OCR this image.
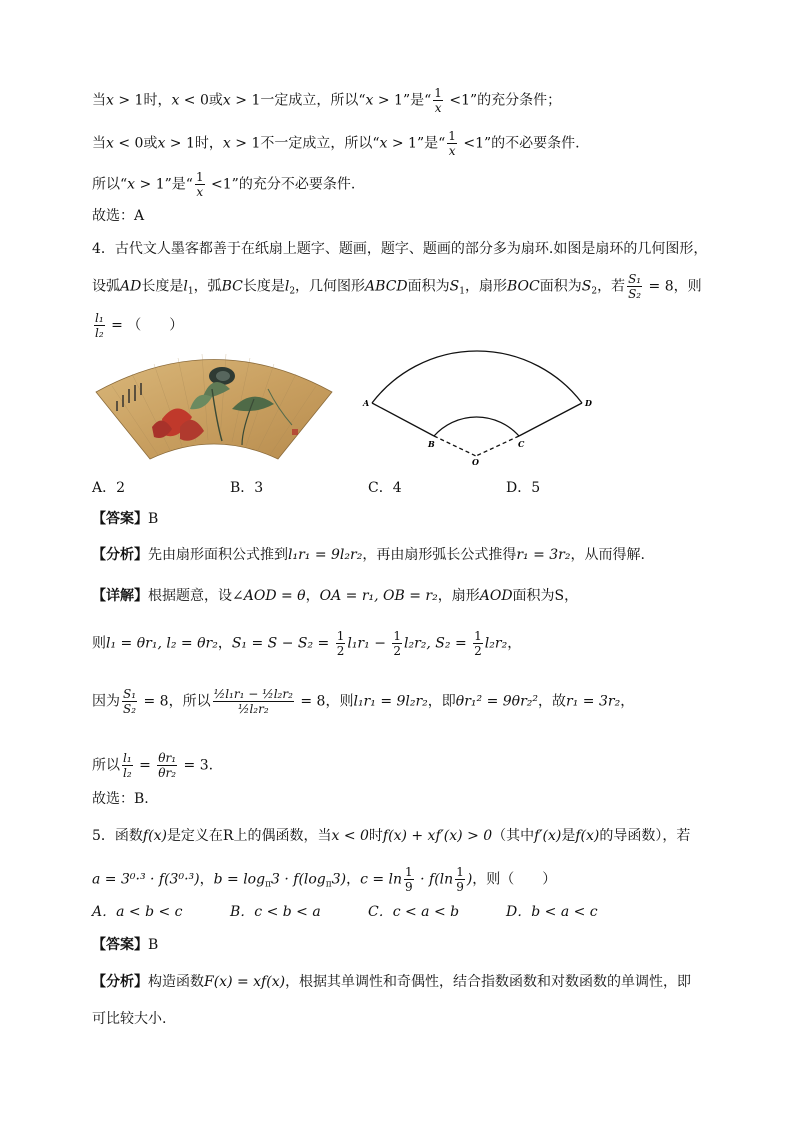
当x > 1时，x < 0或x > 1一定成立，所以“x > 1”是“ $\frac{1}{x} <1$”的充分条件；
当x < 0或x > 1时，x > 1不一定成立，所以“x > 1”是“ $\frac{1}{x} <1$”的不必要条件.
所以“x > 1”是“ $\frac{1}{x} <1$”的充分不必要条件.
故选：A
4．古代文人墨客都善于在纸扇上题字、题画，题字、题画的部分多为扇环.如图是扇环的几何图形，
设弧AD长度是$l_1$，弧BC长度是$l_2$，几何图形ABCD面积为$S_1$，扇形BOC面积为$S_2$，若 $\frac{\text{S₁}}{\text{S₂}} = 8$，则
$\frac{\text{l₁}}{\text{l₂}}$ = （　　）
A
B	C
D
O
A．2	B．3	C．4	D．5
【答案】B
【分析】先由扇形面积公式推到l₁r₁ = 9l₂r₂，再由扇形弧长公式推得r₁ = 3r₂，从而得解.
【详解】根据题意，设∠AOD = θ，OA = r₁, OB = r₂，扇形AOD面积为S，
则l₁ = θr₁, l₂ = θr₂，$S_1 = S - S_2 = \frac{1}{2} l_1r_1 - \frac{1}{2} l_2r_2$, $S_2 = \frac{1}{2} l_2r_2$，
因为 $\frac{\text{S₁}}{\text{S₂}} = 8$，所以 $\frac{\text{½l₁r₁ − ½l₂r₂}}{\text{½l₂r₂}} = 8$，则l₁r₁ = 9l₂r₂，即θr₁² = 9θr₂²，故r₁ = 3r₂，
所以 $\frac{\text{l₁}}{\text{l₂}} = \frac{\text{θr₁}}{\text{θr₂}} = 3$.
故选：B.
5．函数f(x)是定义在R上的偶函数，当x < 0时f(x) + xf′(x) > 0（其中f′(x)是f(x)的导函数），若
a = 3⁰·³ · f(3⁰·³)，$b = \log_\pi 3 \cdot f(\log_\pi 3)$，$c = \ln \frac{1}{9} \cdot f(\ln \frac{1}{9}$ )，则（　　）
A．a < b < c	B．c < b < a	C．c < a < b	D．b < a < c
【答案】B
【分析】构造函数F(x) = xf(x)，根据其单调性和奇偶性，结合指数函数和对数函数的单调性，即
可比较大小.
